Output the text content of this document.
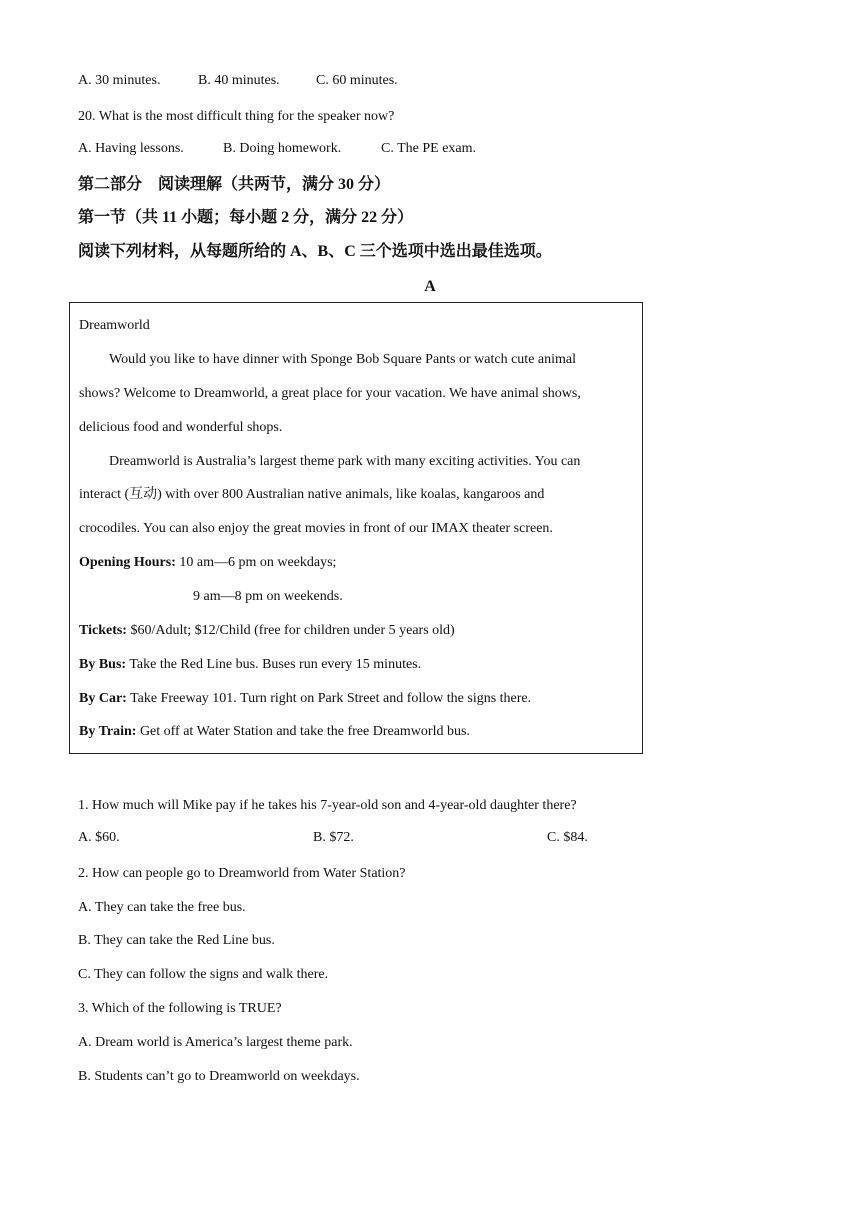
A. 30 minutes.	B. 40 minutes.	C. 60 minutes.
20. What is the most difficult thing for the speaker now?
A. Having lessons.	B. Doing homework.	C. The PE exam.
第二部分　阅读理解（共两节，满分 30 分）
第一节（共 11 小题；每小题 2 分，满分 22 分）
阅读下列材料，从每题所给的 A、B、C 三个选项中选出最佳选项。
A
Dreamworld
Would you like to have dinner with Sponge Bob Square Pants or watch cute animal
shows? Welcome to Dreamworld, a great place for your vacation. We have animal shows,
delicious food and wonderful shops.
Dreamworld is Australia’s largest theme park with many exciting activities. You can
interact (互动) with over 800 Australian native animals, like koalas, kangaroos and
crocodiles. You can also enjoy the great movies in front of our IMAX theater screen.
Opening Hours: 10 am—6 pm on weekdays;
9 am—8 pm on weekends.
Tickets: $60/Adult; $12/Child (free for children under 5 years old)
By Bus: Take the Red Line bus. Buses run every 15 minutes.
By Car: Take Freeway 101. Turn right on Park Street and follow the signs there.
By Train: Get off at Water Station and take the free Dreamworld bus.
1. How much will Mike pay if he takes his 7-year-old son and 4-year-old daughter there?
A. $60.	B. $72.	C. $84.
2. How can people go to Dreamworld from Water Station?
A. They can take the free bus.
B. They can take the Red Line bus.
C. They can follow the signs and walk there.
3. Which of the following is TRUE?
A. Dream world is America’s largest theme park.
B. Students can’t go to Dreamworld on weekdays.
